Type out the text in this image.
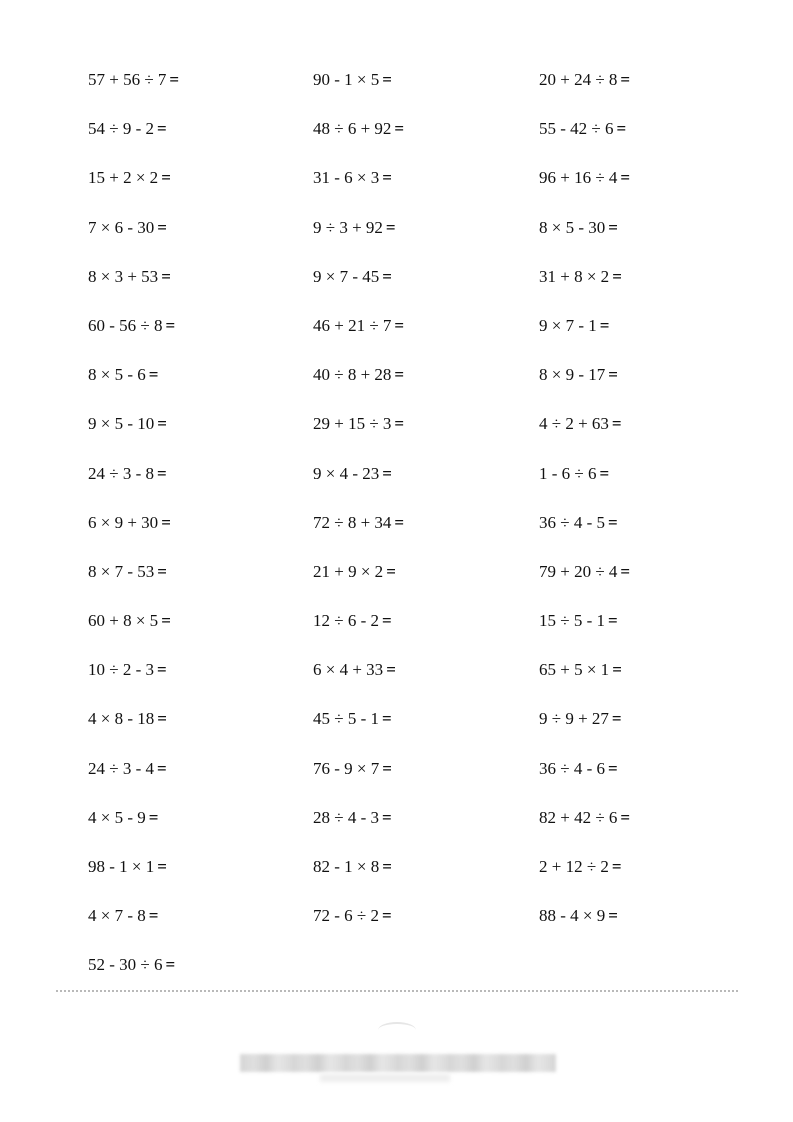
57 + 56 ÷ 7 =	90 - 1 × 5 =	20 + 24 ÷ 8 =
54 ÷ 9 - 2 =	48 ÷ 6 + 92 =	55 - 42 ÷ 6 =
15 + 2 × 2 =	31 - 6 × 3 =	96 + 16 ÷ 4 =
7 × 6 - 30 =	9 ÷ 3 + 92 =	8 × 5 - 30 =
8 × 3 + 53 =	9 × 7 - 45 =	31 + 8 × 2 =
60 - 56 ÷ 8 =	46 + 21 ÷ 7 =	9 × 7 - 1 =
8 × 5 - 6 =	40 ÷ 8 + 28 =	8 × 9 - 17 =
9 × 5 - 10 =	29 + 15 ÷ 3 =	4 ÷ 2 + 63 =
24 ÷ 3 - 8 =	9 × 4 - 23 =	1 - 6 ÷ 6 =
6 × 9 + 30 =	72 ÷ 8 + 34 =	36 ÷ 4 - 5 =
8 × 7 - 53 =	21 + 9 × 2 =	79 + 20 ÷ 4 =
60 + 8 × 5 =	12 ÷ 6 - 2 =	15 ÷ 5 - 1 =
10 ÷ 2 - 3 =	6 × 4 + 33 =	65 + 5 × 1 =
4 × 8 - 18 =	45 ÷ 5 - 1 =	9 ÷ 9 + 27 =
24 ÷ 3 - 4 =	76 - 9 × 7 =	36 ÷ 4 - 6 =
4 × 5 - 9 =	28 ÷ 4 - 3 =	82 + 42 ÷ 6 =
98 - 1 × 1 =	82 - 1 × 8 =	2 + 12 ÷ 2 =
4 × 7 - 8 =	72 - 6 ÷ 2 =	88 - 4 × 9 =
52 - 30 ÷ 6 =
